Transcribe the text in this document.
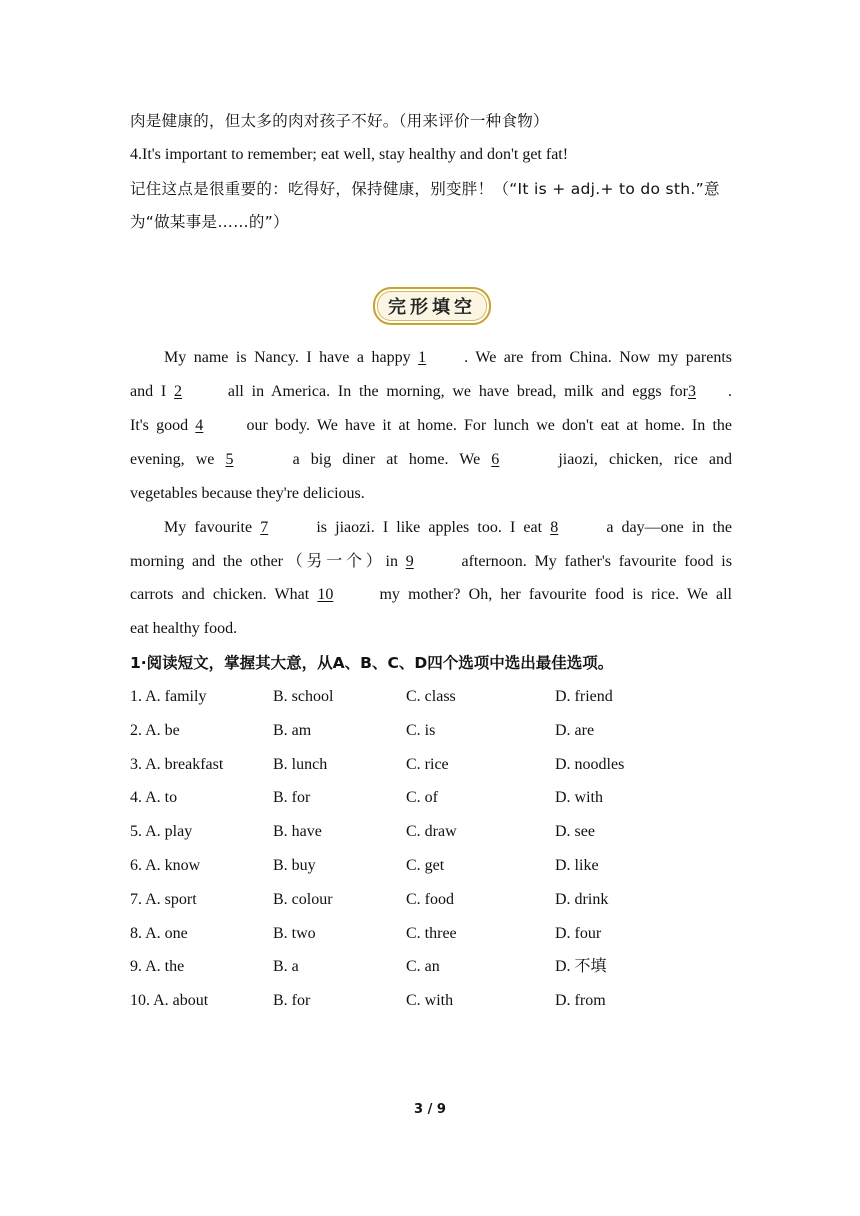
肉是健康的，但太多的肉对孩子不好。（用来评价一种食物）
4.It's important to remember; eat well, stay healthy and don't get fat!
记住这点是很重要的：吃得好，保持健康，别变胖！（“It is + adj.+ to do sth.”意
为“做某事是……的”）
完形填空
My name is Nancy. I have a happy 1 . We are from China. Now my parents
and I 2 all in America. In the morning, we have bread, milk and eggs for3 .
It's good 4 our body. We have it at home. For lunch we don't eat at home. In the
evening, we 5	a big diner at home. We 6	jiaozi, chicken, rice and
vegetables because they're delicious.
My favourite 7	is jiaozi. I like apples too. I eat 8	a day—one in the
morning and the other（另一个）in 9	afternoon. My father's favourite food is
carrots and chicken. What 10 my mother? Oh, her favourite food is rice. We all
eat healthy food.
1·阅读短文，掌握其大意，从A、B、C、D四个选项中选出最佳选项。
1. A. family	B. school	C. class	D. friend
2. A. be	B. am	C. is	D. are
3. A. breakfast	B. lunch	C. rice	D. noodles
4. A. to	B. for	C. of	D. with
5. A. play	B. have	C. draw	D. see
6. A. know	B. buy	C. get	D. like
7. A. sport	B. colour	C. food	D. drink
8. A. one	B. two	C. three	D. four
9. A. the	B. a	C. an	D. 不填
10. A. about	B. for	C. with	D. from
3 / 9
